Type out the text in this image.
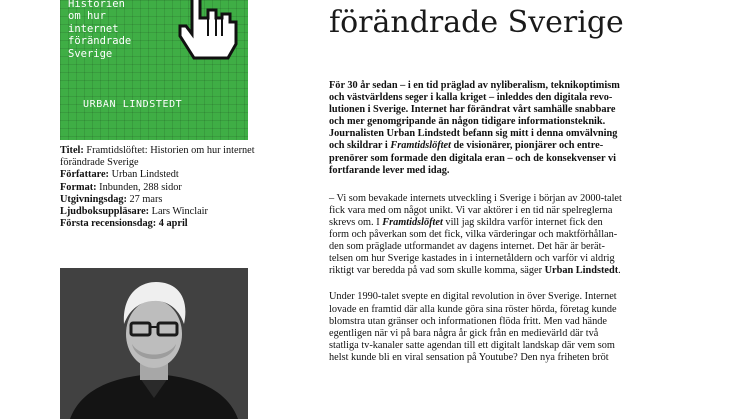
Historien
om hur
internet
förändrade
Sverige
URBAN LINDSTEDT
Titel: Framtidslöftet: Historien om hur internet förändrade Sverige
Författare: Urban Lindstedt
Format: Inbunden, 288 sidor
Utgivningsdag: 27 mars
Ljudboksuppläsare: Lars Winclair
Första recensionsdag: 4 april
förändrade Sverige

För 30 år sedan – i en tid präglad av nyliberalism, teknikoptimism
och västvärldens seger i kalla kriget – inleddes den digitala revo-
lutionen i Sverige. Internet har förändrat vårt samhälle snabbare
och mer genomgripande än någon tidigare informationsteknik.
Journalisten Urban Lindstedt befann sig mitt i denna omvälvning
och skildrar i Framtidslöftet de visionärer, pionjärer och entre-
prenörer som formade den digitala eran – och de konsekvenser vi
fortfarande lever med idag.

– Vi som bevakade internets utveckling i Sverige i början av 2000-talet
fick vara med om något unikt. Vi var aktörer i en tid när spelreglerna
skrevs om. I Framtidslöftet vill jag skildra varför internet fick den
form och påverkan som det fick, vilka värderingar och maktförhållan-
den som präglade utformandet av dagens internet. Det här är berät-
telsen om hur Sverige kastades in i internetåldern och varför vi aldrig
riktigt var beredda på vad som skulle komma, säger Urban Lindstedt.

Under 1990-talet svepte en digital revolution in över Sverige. Internet
lovade en framtid där alla kunde göra sina röster hörda, företag kunde
blomstra utan gränser och informationen flöda fritt. Men vad hände
egentligen när vi på bara några år gick från en medievärld där två
statliga tv-kanaler satte agendan till ett digitalt landskap där vem som
helst kunde bli en viral sensation på Youtube? Den nya friheten bröt
